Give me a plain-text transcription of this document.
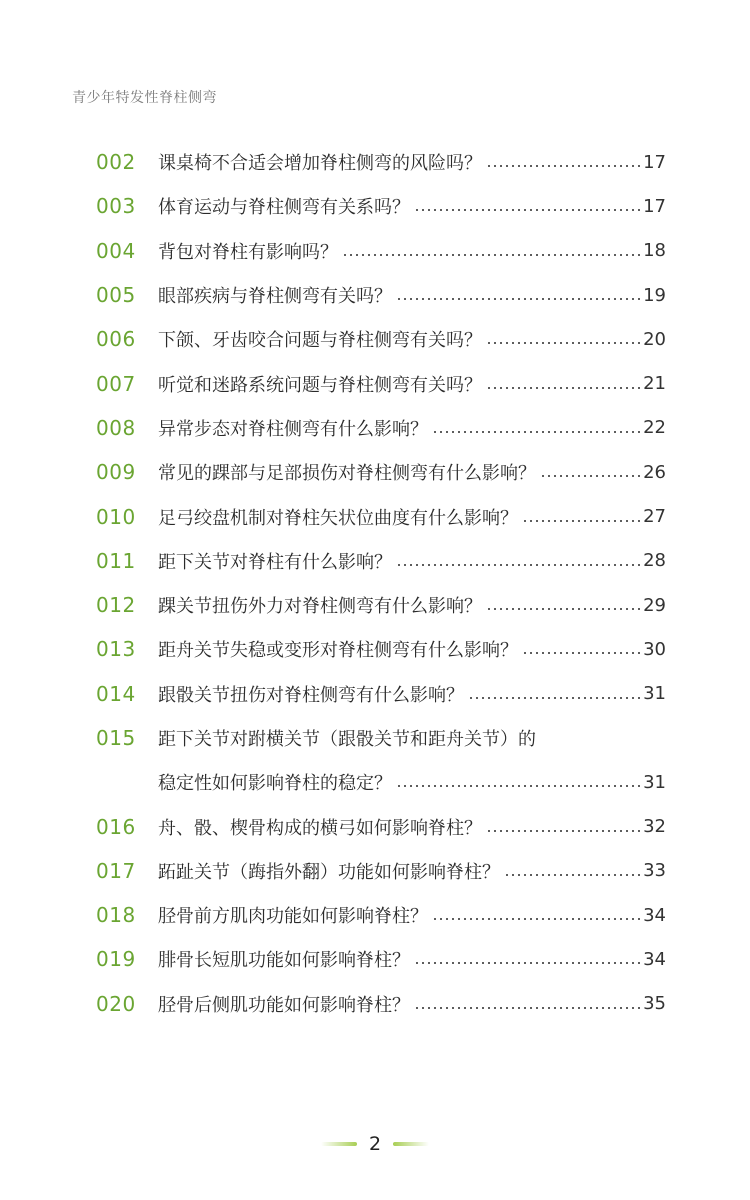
青少年特发性脊柱侧弯
002	课桌椅不合适会增加脊柱侧弯的风险吗？	17
003	体育运动与脊柱侧弯有关系吗？	17
004	背包对脊柱有影响吗？	18
005	眼部疾病与脊柱侧弯有关吗？	19
006	下颌、牙齿咬合问题与脊柱侧弯有关吗？	20
007	听觉和迷路系统问题与脊柱侧弯有关吗？	21
008	异常步态对脊柱侧弯有什么影响？	22
009	常见的踝部与足部损伤对脊柱侧弯有什么影响？	26
010	足弓绞盘机制对脊柱矢状位曲度有什么影响？	27
011	距下关节对脊柱有什么影响？	28
012	踝关节扭伤外力对脊柱侧弯有什么影响？	29
013	距舟关节失稳或变形对脊柱侧弯有什么影响？	30
014	跟骰关节扭伤对脊柱侧弯有什么影响？	31
015	距下关节对跗横关节（跟骰关节和距舟关节）的
稳定性如何影响脊柱的稳定？	31
016	舟、骰、楔骨构成的横弓如何影响脊柱？	32
017	跖趾关节（踇指外翻）功能如何影响脊柱？	33
018	胫骨前方肌肉功能如何影响脊柱？	34
019	腓骨长短肌功能如何影响脊柱？	34
020	胫骨后侧肌功能如何影响脊柱？	35
2
